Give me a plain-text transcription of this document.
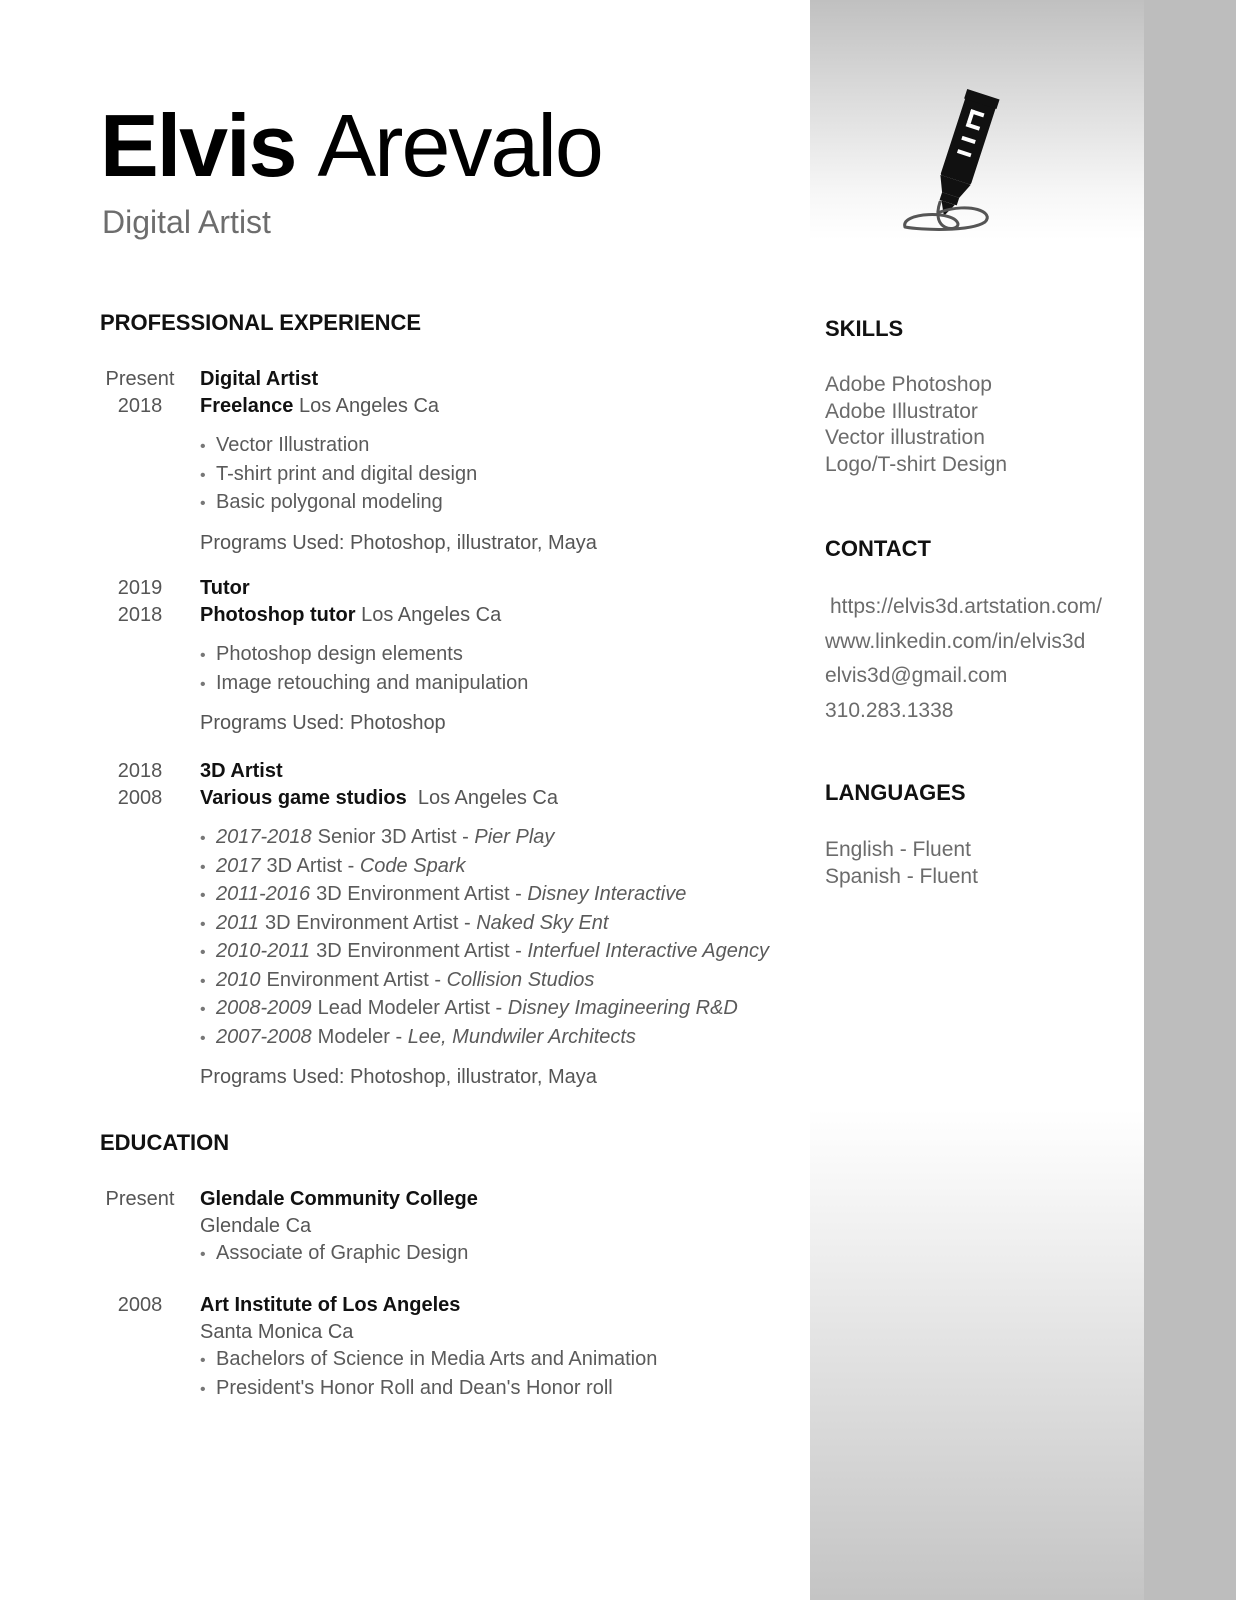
Elvis Arevalo
Digital Artist
PROFESSIONAL EXPERIENCE
Present
2018
Digital Artist
Freelance Los Angeles Ca
• Vector Illustration
• T-shirt print and digital design
• Basic polygonal modeling
Programs Used: Photoshop, illustrator, Maya
2019
2018
Tutor
Photoshop tutor Los Angeles Ca
• Photoshop design elements
• Image retouching and manipulation
Programs Used: Photoshop
2018
2008
3D Artist
Various game studios Los Angeles Ca
• 2017-2018 Senior 3D Artist - Pier Play
• 2017 3D Artist - Code Spark
• 2011-2016 3D Environment Artist - Disney Interactive
• 2011 3D Environment Artist - Naked Sky Ent
• 2010-2011 3D Environment Artist - Interfuel Interactive Agency
• 2010 Environment Artist - Collision Studios
• 2008-2009 Lead Modeler Artist - Disney Imagineering R&D
• 2007-2008 Modeler - Lee, Mundwiler Architects
Programs Used: Photoshop, illustrator, Maya
EDUCATION
Present	Glendale Community College
Glendale Ca
• Associate of Graphic Design
2008	Art Institute of Los Angeles
Santa Monica Ca
• Bachelors of Science in Media Arts and Animation
• President's Honor Roll and Dean's Honor roll
SKILLS
Adobe Photoshop
Adobe Illustrator
Vector illustration
Logo/T-shirt Design
CONTACT
https://elvis3d.artstation.com/
www.linkedin.com/in/elvis3d
elvis3d@gmail.com
310.283.1338
LANGUAGES
English - Fluent
Spanish - Fluent
